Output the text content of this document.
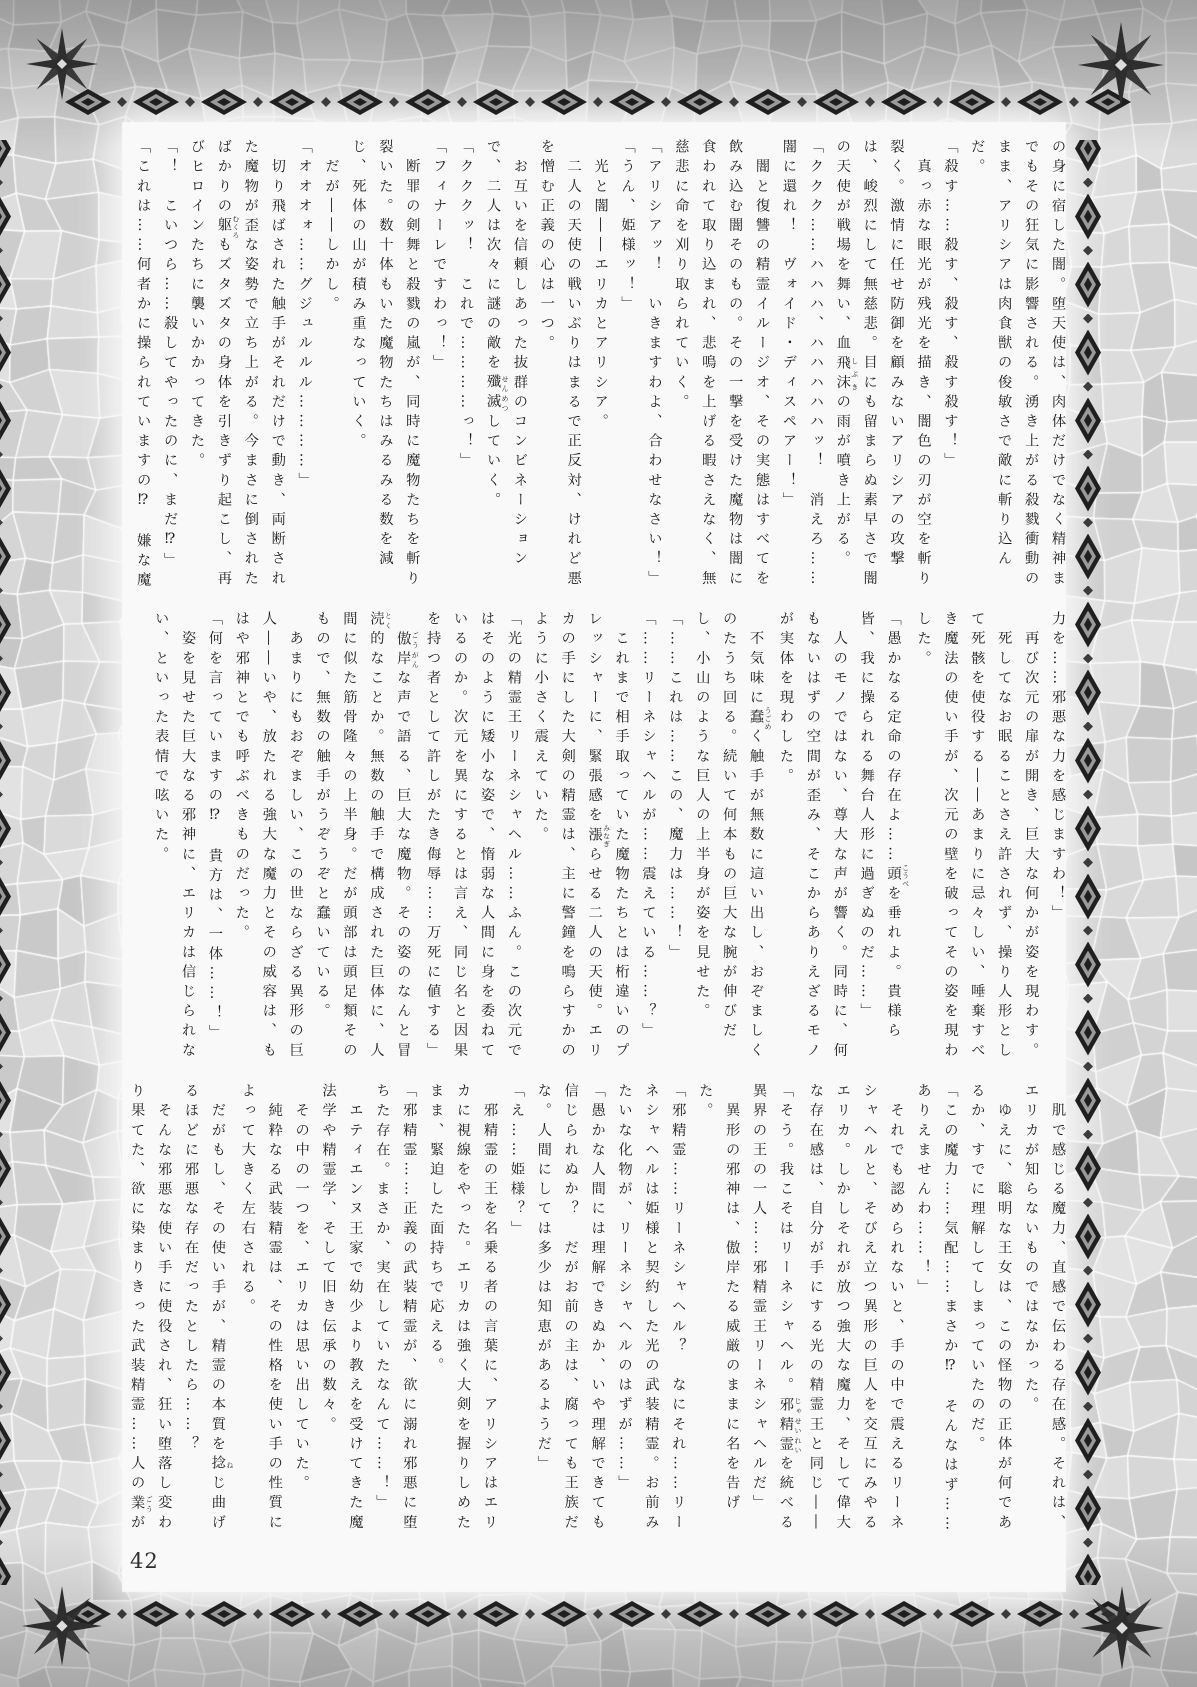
の身に宿した闇。堕天使は、肉体だけでなく精神までもその狂気に影響される。湧き上がる殺戮衝動のまま、アリシアは肉食獣の俊敏さで敵に斬り込んだ。

「殺す……殺す、殺す、殺す殺す！」

　真っ赤な眼光が残光を描き、闇色の刃が空を斬り裂く。激情に任せ防御を顧みないアリシアの攻撃は、峻烈にして無慈悲。目にも留まらぬ素早さで闇の天使が戦場を舞い、血飛沫 しぶきの雨が噴き上がる。

「ククク……ハハハ、ハハハハハッ！　消えろ……闇に還れ！　ヴォイド・ディスペアー！」

　闇と復讐の精霊イルージオ、その実態はすべてを飲み込む闇そのもの。その一撃を受けた魔物は闇に食われて取り込まれ、悲鳴を上げる暇さえなく、無慈悲に命を刈り取られていく。

「アリシアッ！　いきますわよ、合わせなさい！」

「うん、姫様ッ！」

　光と闇――エリカとアリシア。

　二人の天使の戦いぶりはまるで正反対、けれど悪を憎む正義の心は一つ。

　お互いを信頼しあった抜群のコンビネーションで、二人は次々に謎の敵を殲滅 せんめつしていく。

「クククッ！　これで…………っ！」

「フィナーレですわっ！」

　断罪の剣舞と殺戮の嵐が、同時に魔物たちを斬り裂いた。数十体もいた魔物たちはみるみる数を減じ、死体の山が積み重なっていく。

　だが――しかし。

「オオオォ……グジュルルル…………」

　切り飛ばされた触手がそれだけで動き、両断された魔物が歪な姿勢で立ち上がる。今まさに倒されたばかりの躯 むくろもズタズタの身体を引きずり起こし、再びヒロインたちに襲いかかってきた。

「！　こいつら……殺してやったのに、まだ⁉」

「これは……何者かに操られていますの⁉　嫌な魔

力を……邪悪な力を感じますわ！」

　再び次元の扉が開き、巨大な何かが姿を現わす。

　死してなお眠ることさえ許されず、操り人形として死骸を使役する――あまりに忌々しい、唾棄すべき魔法の使い手が、次元の壁を破ってその姿を現わした。

「愚かなる定命の存在よ……頭 こうべを垂れよ。貴様ら皆、我に操られる舞台人形に過ぎぬのだ……」

　人のモノではない、尊大な声が響く。同時に、何もないはずの空間が歪み、そこからありえざるモノが実体を現わした。

　不気味に蠢 うごめく触手が無数に這い出し、おぞましくのたうち回る。続いて何本もの巨大な腕が伸びだし、小山のような巨人の上半身が姿を見せた。

「……これは……この、魔力は……！」

「……リーネシャヘルが……震えている……？」

　これまで相手取っていた魔物たちとは桁違いのプレッシャーに、緊張感を漲 みなぎらせる二人の天使。エリカの手にした大剣の精霊は、主に警鐘を鳴らすかのように小さく震えていた。

「光の精霊王リーネシャヘル……ふん。この次元ではそのように矮小な姿で、惰弱な人間に身を委ねているのか。次元を異にするとは言え、同じ名と因果を持つ者として許しがたき侮辱……万死に値する」

　傲岸 ごうがんな声で語る、巨大な魔物。その姿のなんと冒涜 とく的なことか。無数の触手で構成された巨体に、人間に似た筋骨隆々の上半身。だが頭部は頭足類そのもので、無数の触手がうぞうぞと蠢いている。

　あまりにもおぞましい、この世ならざる異形の巨人――いや、放たれる強大な魔力とその威容は、もはや邪神とでも呼ぶべきものだった。

「何を言っていますの⁉　貴方は、一体……！」

　姿を見せた巨大なる邪神に、エリカは信じられない、といった表情で呟いた。

　肌で感じる魔力、直感で伝わる存在感。それは、エリカが知らないものではなかった。

　ゆえに、聡明な王女は、この怪物の正体が何であるか、すでに理解してしまっていたのだ。

「この魔力……気配……まさか⁉　そんなはず……ありえませんわ……！」

　それでも認められないと、手の中で震えるリーネシャヘルと、そびえ立つ異形の巨人を交互にみやるエリカ。しかしそれが放つ強大な魔力、そして偉大な存在感は、自分が手にする光の精霊王と同じ――

「そう。我こそはリーネシャヘル。邪精霊 じゃせいれいを統べる異界の王の一人……邪精霊王リーネシャヘルだ」

　異形の邪神は、傲岸たる威厳のままに名を告げた。

「邪精霊……リーネシャヘル？　なにそれ……リーネシャヘルは姫様と契約した光の武装精霊。お前みたいな化物が、リーネシャヘルのはずが……」

「愚かな人間には理解できぬか、いや理解できても信じられぬか？　だがお前の主は、腐っても王族だな。人間にしては多少は知恵があるようだ」

「え……姫様？」

　邪精霊の王を名乗る者の言葉に、アリシアはエリカに視線をやった。エリカは強く大剣を握りしめたまま、緊迫した面持ちで応える。

「邪精霊……正義の武装精霊が、欲に溺れ邪悪に堕ちた存在。まさか、実在していたなんて……！」

　エティエンヌ王家で幼少より教えを受けてきた魔法学や精霊学、そして旧き伝承の数々。

　その中の一つを、エリカは思い出していた。

　純粋なる武装精霊は、その性格を使い手の性質によって大きく左右される。

　だがもし、その使い手が、精霊の本質を捻 ねじ曲げるほどに邪悪な存在だったとしたら……？

　そんな邪悪な使い手に使役され、狂い堕落し変わり果てた、欲に染まりきった武装精霊……人の業 ごうが

42
